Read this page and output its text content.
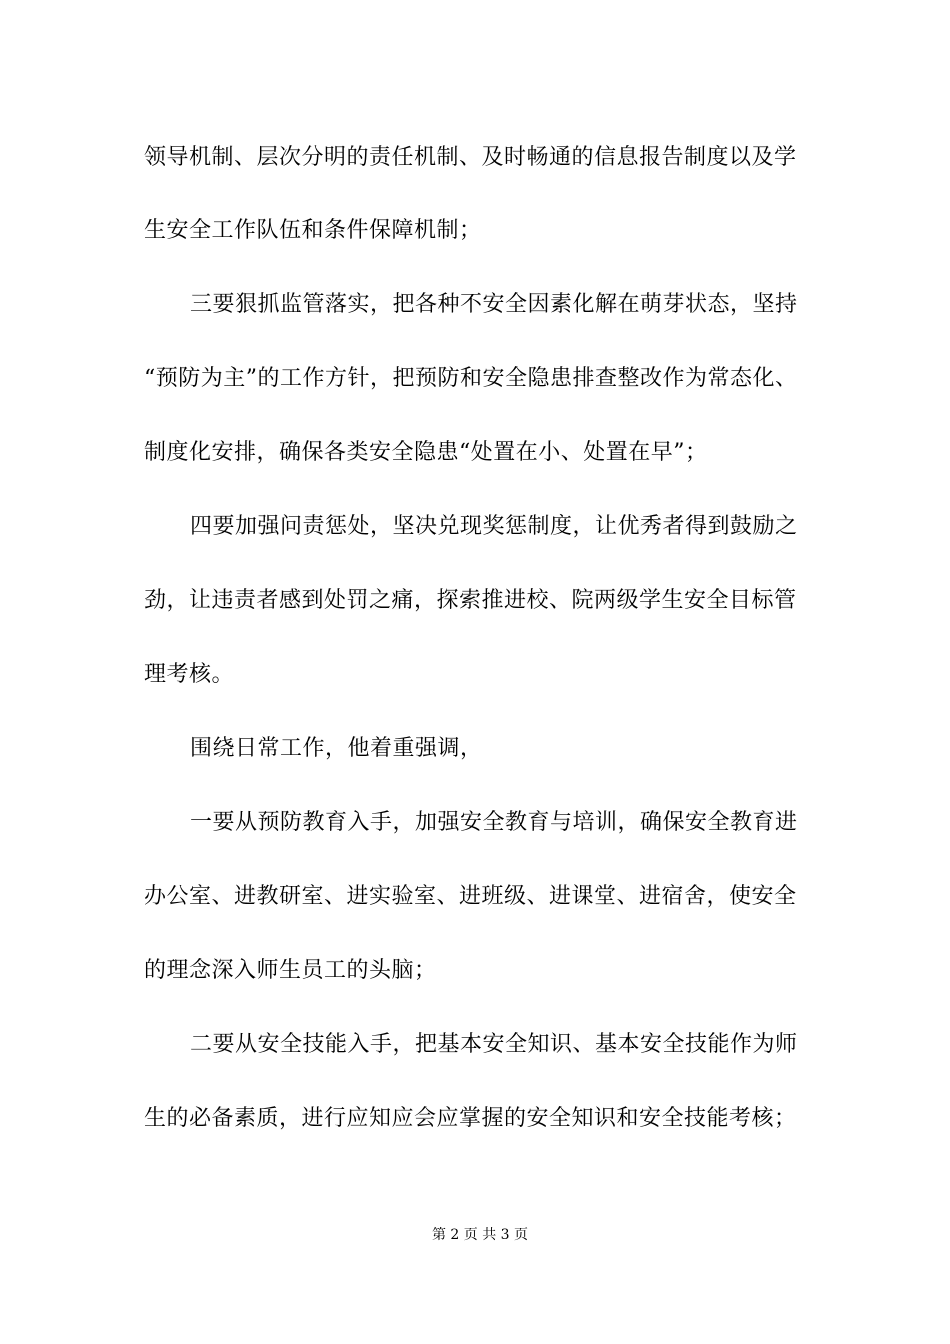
领导机制、层次分明的责任机制、及时畅通的信息报告制度以及学
生安全工作队伍和条件保障机制；
三要狠抓监管落实，把各种不安全因素化解在萌芽状态，坚持
“预防为主”的工作方针，把预防和安全隐患排查整改作为常态化、
制度化安排，确保各类安全隐患“处置在小、处置在早”；
四要加强问责惩处，坚决兑现奖惩制度，让优秀者得到鼓励之
劲，让违责者感到处罚之痛，探索推进校、院两级学生安全目标管
理考核。
围绕日常工作，他着重强调，
一要从预防教育入手，加强安全教育与培训，确保安全教育进
办公室、进教研室、进实验室、进班级、进课堂、进宿舍，使安全
的理念深入师生员工的头脑；
二要从安全技能入手，把基本安全知识、基本安全技能作为师
生的必备素质，进行应知应会应掌握的安全知识和安全技能考核；
第 2 页 共 3 页
